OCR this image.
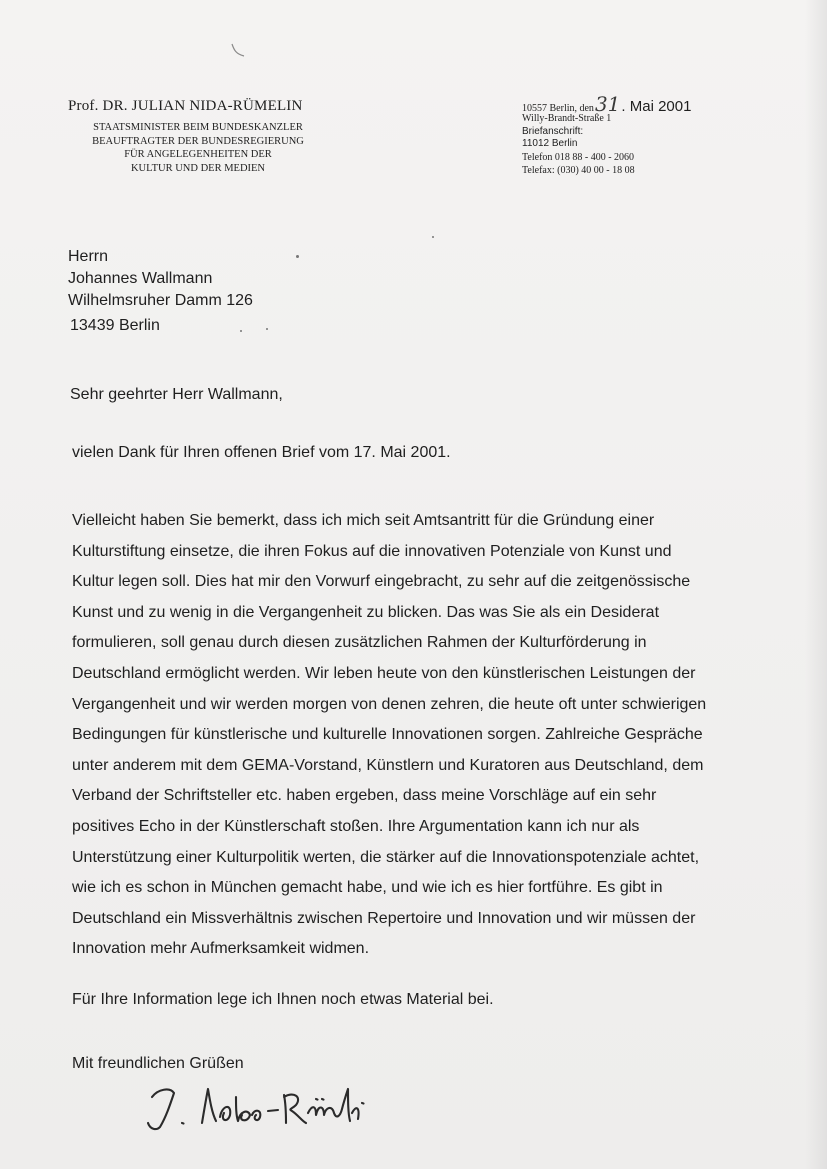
Prof. DR. JULIAN NIDA-RÜMELIN
STAATSMINISTER BEIM BUNDESKANZLER
BEAUFTRAGTER DER BUNDESREGIERUNG
FÜR ANGELEGENHEITEN DER
KULTUR UND DER MEDIEN
10557 Berlin, den31. Mai 2001
Willy-Brandt-Straße 1
Briefanschrift:
11012 Berlin
Telefon 018 88 - 400 - 2060
Telefax: (030) 40 00 - 18 08
Herrn
Johannes Wallmann
Wilhelmsruher Damm 126
13439 Berlin
Sehr geehrter Herr Wallmann,
vielen Dank für Ihren offenen Brief vom 17. Mai 2001.
Vielleicht haben Sie bemerkt, dass ich mich seit Amtsantritt für die Gründung einer
Kulturstiftung einsetze, die ihren Fokus auf die innovativen Potenziale von Kunst und
Kultur legen soll. Dies hat mir den Vorwurf eingebracht, zu sehr auf die zeitgenössische
Kunst und zu wenig in die Vergangenheit zu blicken. Das was Sie als ein Desiderat
formulieren, soll genau durch diesen zusätzlichen Rahmen der Kulturförderung in
Deutschland ermöglicht werden. Wir leben heute von den künstlerischen Leistungen der
Vergangenheit und wir werden morgen von denen zehren, die heute oft unter schwierigen
Bedingungen für künstlerische und kulturelle Innovationen sorgen. Zahlreiche Gespräche
unter anderem mit dem GEMA-Vorstand, Künstlern und Kuratoren aus Deutschland, dem
Verband der Schriftsteller etc. haben ergeben, dass meine Vorschläge auf ein sehr
positives Echo in der Künstlerschaft stoßen. Ihre Argumentation kann ich nur als
Unterstützung einer Kulturpolitik werten, die stärker auf die Innovationspotenziale achtet,
wie ich es schon in München gemacht habe, und wie ich es hier fortführe. Es gibt in
Deutschland ein Missverhältnis zwischen Repertoire und Innovation und wir müssen der
Innovation mehr Aufmerksamkeit widmen.
Für Ihre Information lege ich Ihnen noch etwas Material bei.
Mit freundlichen Grüßen
